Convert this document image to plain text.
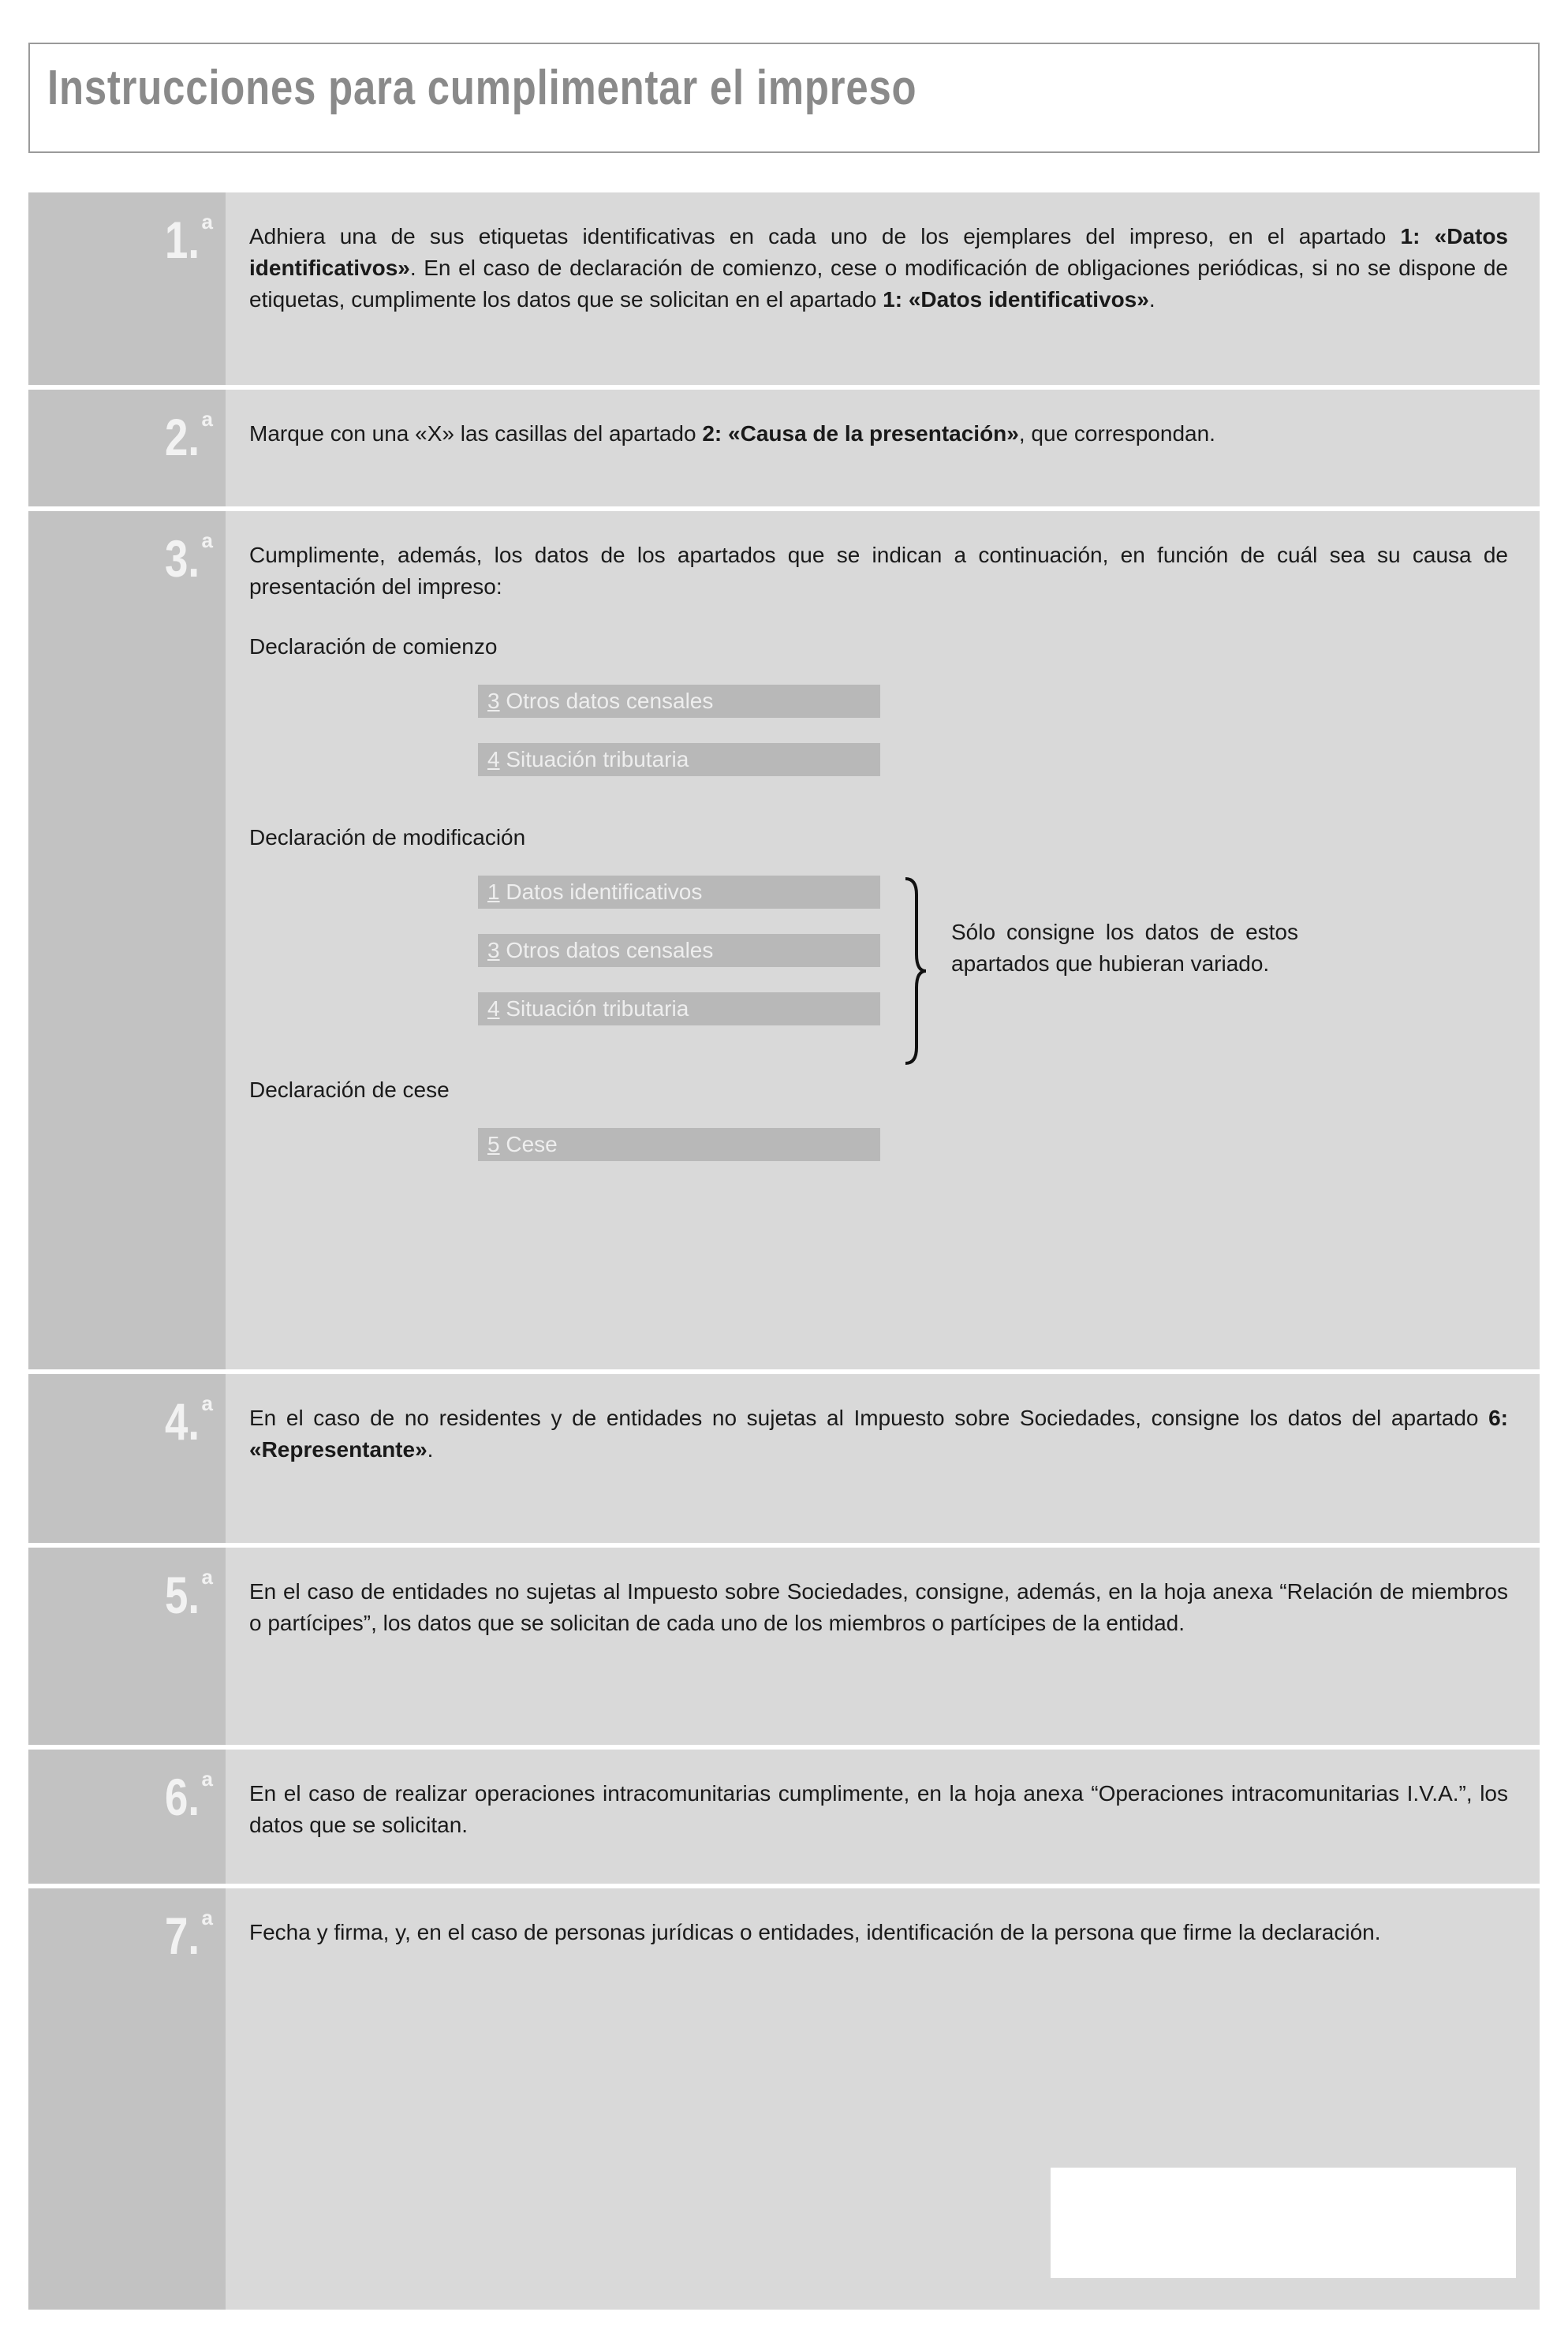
Instrucciones para cumplimentar el impreso
1.a
Adhiera una de sus etiquetas identificativas en cada uno de los ejemplares del impreso, en el apartado 1: «Datos identificativos». En el caso de declaración de comienzo, cese o modificación de obligaciones periódicas, si no se dispone de etiquetas, cumplimente los datos que se solicitan en el apartado 1: «Datos identificativos».
2.a
Marque con una «X» las casillas del apartado 2: «Causa de la presentación», que correspondan.
3.a
Cumplimente, además, los datos de los apartados que se indican a continuación, en función de cuál sea su causa de presentación del impreso:
Declaración de comienzo
3 Otros datos censales
4 Situación tributaria
Declaración de modificación
1 Datos identificativos
3 Otros datos censales
4 Situación tributaria
Sólo consigne los datos de estos apartados que hubieran variado.
Declaración de cese
5 Cese
4.a
En el caso de no residentes y de entidades no sujetas al Impuesto sobre Sociedades, consigne los datos del apartado 6: «Representante».
5.a
En el caso de entidades no sujetas al Impuesto sobre Sociedades, consigne, además, en la hoja anexa “Relación de miembros o partícipes”, los datos que se solicitan de cada uno de los miembros o partícipes de la entidad.
6.a
En el caso de realizar operaciones intracomunitarias cumplimente, en la hoja anexa “Operaciones intracomunitarias I.V.A.”, los datos que se solicitan.
7.a
Fecha y firma, y, en el caso de personas jurídicas o entidades, identificación de la persona que firme la declaración.
